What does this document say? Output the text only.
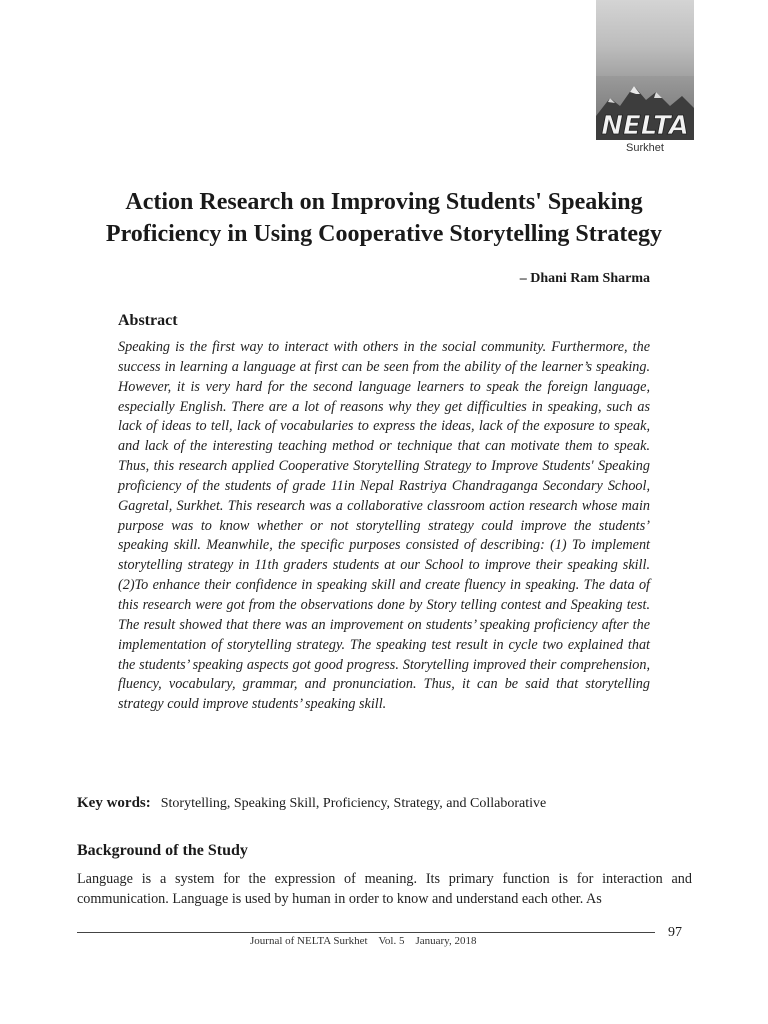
NELTA
Surkhet
Action Research on Improving Students' Speaking
Proficiency in Using Cooperative Storytelling Strategy
– Dhani Ram Sharma
Abstract

Speaking is the first way to interact with others in the social community. Furthermore, the success in learning a language at first can be seen from the ability of the learner’s speaking. However, it is very hard for the second language learners to speak the foreign language, especially English. There are a lot of reasons why they get difficulties in speaking, such as lack of ideas to tell, lack of vocabularies to express the ideas, lack of the exposure to speak, and lack of the interesting teaching method or technique that can motivate them to speak. Thus, this research applied Cooperative Storytelling Strategy to Improve Students' Speaking proficiency of the students of grade 11in Nepal Rastriya Chandraganga Secondary School, Gagretal, Surkhet. This research was a collaborative classroom action research whose main purpose was to know whether or not storytelling strategy could improve the students’ speaking skill. Meanwhile, the specific purposes consisted of describing: (1) To implement storytelling strategy in 11th graders students at our School to improve their speaking skill. (2)To enhance their confidence in speaking skill and create fluency in speaking. The data of this research were got from the observations done by Story telling contest and Speaking test. The result showed that there was an improvement on students’ speaking proficiency after the implementation of storytelling strategy. The speaking test result in cycle two explained that the students’ speaking aspects got good progress. Storytelling improved their comprehension, fluency, vocabulary, grammar, and pronunciation. Thus, it can be said that storytelling strategy could improve students’ speaking skill.

Key words: Storytelling, Speaking Skill, Proficiency, Strategy, and Collaborative
Background of the Study

Language is a system for the expression of meaning. Its primary function is for interaction and communication. Language is used by human in order to know and understand each other. As

97
Journal of NELTA Surkhet    Vol. 5    January, 2018
